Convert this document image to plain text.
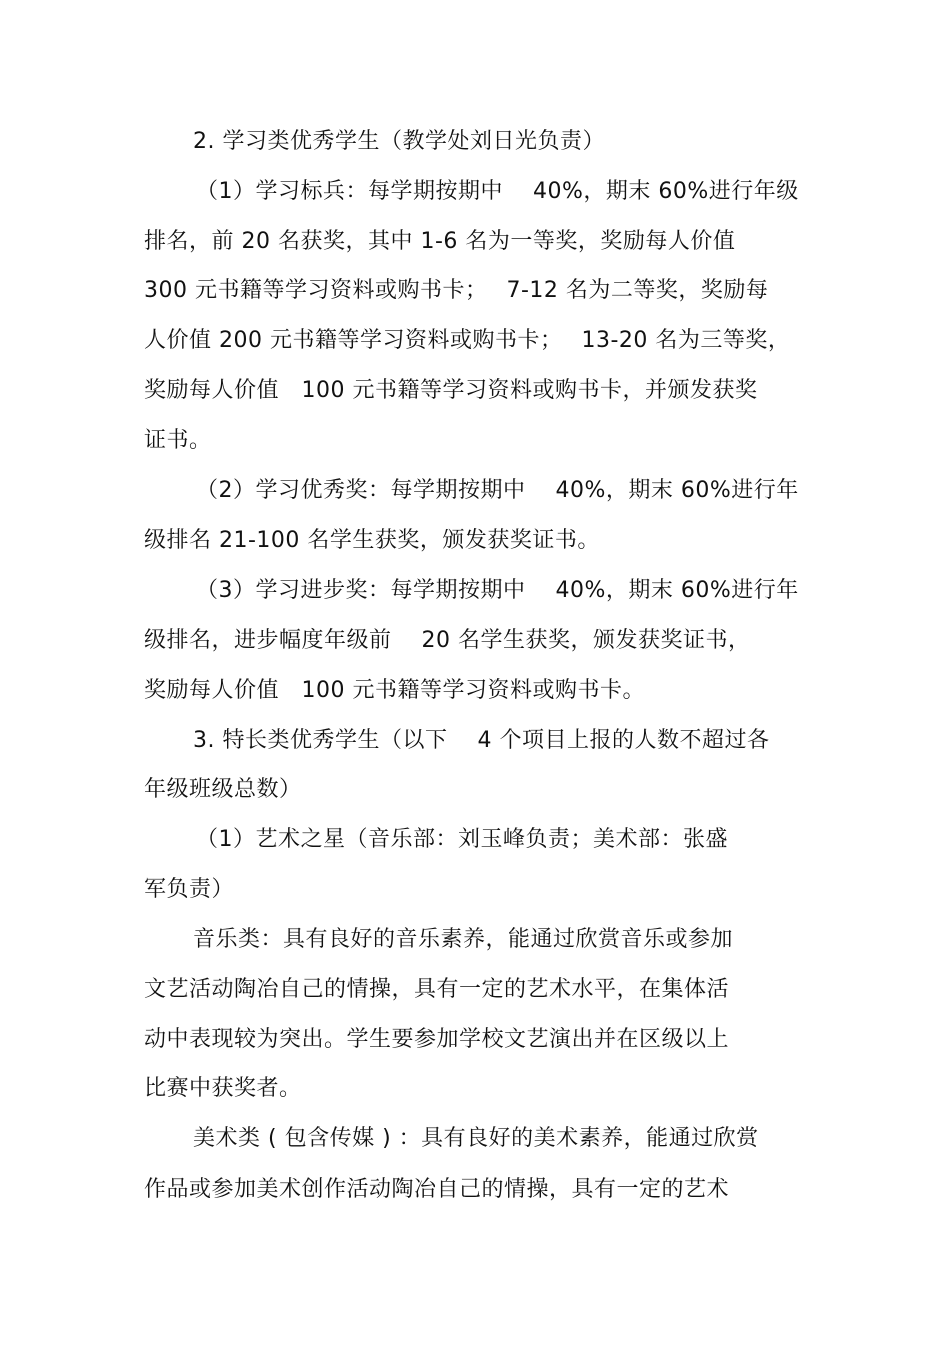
2. 学习类优秀学生（教学处刘日光负责）
（1）学习标兵：每学期按期中　 40%，期末 60%进行年级
排名，前 20 名获奖，其中 1-6 名为一等奖，奖励每人价值
300 元书籍等学习资料或购书卡；　 7-12 名为二等奖，奖励每
人价值 200 元书籍等学习资料或购书卡；　 13-20 名为三等奖，
奖励每人价值　100 元书籍等学习资料或购书卡，并颁发获奖
证书。
（2）学习优秀奖：每学期按期中　 40%，期末 60%进行年
级排名 21-100 名学生获奖，颁发获奖证书。
（3）学习进步奖：每学期按期中　 40%，期末 60%进行年
级排名，进步幅度年级前　 20 名学生获奖，颁发获奖证书，
奖励每人价值　100 元书籍等学习资料或购书卡。
3. 特长类优秀学生（以下　 4 个项目上报的人数不超过各
年级班级总数）
（1）艺术之星（音乐部：刘玉峰负责；美术部：张盛
军负责）
音乐类：具有良好的音乐素养，能通过欣赏音乐或参加
文艺活动陶冶自己的情操，具有一定的艺术水平，在集体活
动中表现较为突出。学生要参加学校文艺演出并在区级以上
比赛中获奖者。
美术类 ( 包含传媒 ) ：具有良好的美术素养，能通过欣赏
作品或参加美术创作活动陶冶自己的情操，具有一定的艺术
